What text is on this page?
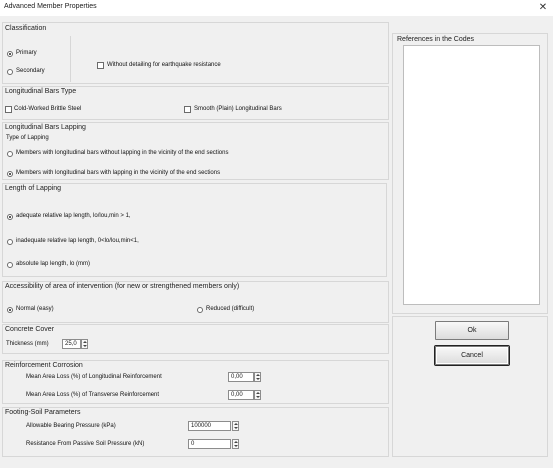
Advanced Member Properties	✕
Classification
Primary
Secondary
Without detailing for earthquake resistance
Longitudinal Bars Type
Cold-Worked Brittle Steel	Smooth (Plain) Longitudinal Bars
Longitudinal Bars Lapping
Type of Lapping
Members with longitudinal bars without lapping in the vicinity of the end sections
Members with longitudinal bars with lapping in the vicinity of the end sections
Length of Lapping
adequate relative lap length, lo/lou,min > 1,
inadequate relative lap length, 0<lo/lou,min<1,
absolute lap length, lo (mm)
Accessibility of area of intervention (for new or strengthened members only)
Normal (easy)	Reduced (difficult)
Concrete Cover
Thickness (mm)	25,0
Reinforcement Corrosion
Mean Area Loss (%) of Longitudinal Reinforcement	0,00
Mean Area Loss (%) of Transverse Reinforcement	0,00
Footing-Soil Parameters
Allowable Bearing Pressure (kPa)	100000
Resistance From Passive Soil Pressure (kN)	0
References in the Codes
Ok
Cancel
